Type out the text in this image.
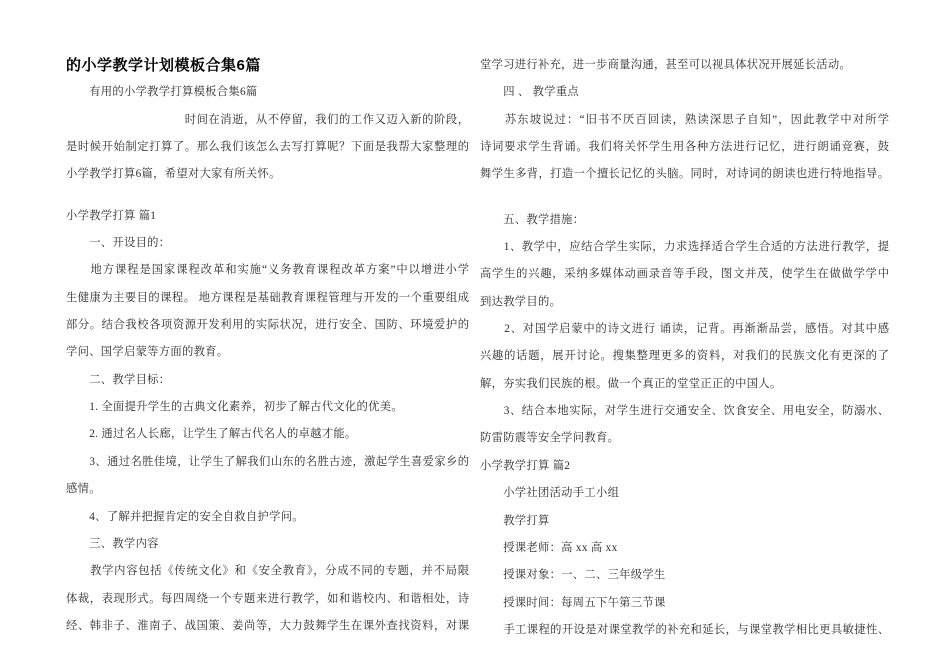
的小学教学计划模板合集6篇
　　有用的小学教学打算模板合集6篇
　　　　　　　　　　时间在消逝，从不停留，我们的工作又迈入新的阶段，
是时候开始制定打算了。那么我们该怎么去写打算呢？下面是我帮大家整理的
小学教学打算6篇，希望对大家有所关怀。
小学教学打算 篇1
　　一、开设目的：
　　地方课程是国家课程改革和实施“义务教育课程改革方案”中以增进小学
生健康为主要目的课程。 地方课程是基础教育课程管理与开发的一个重要组成
部分。结合我校各项资源开发利用的实际状况，进行安全、国防、环境爱护的
学问、国学启蒙等方面的教育。
　　二、教学目标：
　　1. 全面提升学生的古典文化素养，初步了解古代文化的优美。
　　2. 通过名人长廊，让学生了解古代名人的卓越才能。
　　3、通过名胜佳境，让学生了解我们山东的名胜古迹，激起学生喜爱家乡的
感情。
　　4、了解并把握肯定的安全自救自护学问。
　　三、教学内容
　　教学内容包括《传统文化》和《安全教育》，分成不同的专题，并不局限
体裁，表现形式。每四周绕一个专题来进行教学，如和谐校内、和谐相处，诗
经、韩非子、淮南子、战国策、姜尚等，大力鼓舞学生在课外查找资料，对课
堂学习进行补充，进一步商量沟通，甚至可以视具体状况开展延长活动。
　　四 、 教学重点
　　苏东坡说过：“旧书不厌百回读，熟读深思子自知”，因此教学中对所学
诗词要求学生背诵。我们将关怀学生用各种方法进行记忆，进行朗诵竞赛，鼓
舞学生多背，打造一个擅长记忆的头脑。同时，对诗词的朗读也进行特地指导。
　　五、教学措施：
　　1、教学中，应结合学生实际，力求选择适合学生合适的方法进行教学，提
高学生的兴趣，采纳多媒体动画录音等手段，图文并茂，使学生在做做学学中
到达教学目的。
　　2、对国学启蒙中的诗文进行 诵读，记背。再渐渐品尝，感悟。对其中感
兴趣的话题，展开讨论。搜集整理更多的资料，对我们的民族文化有更深的了
解，夯实我们民族的根。做一个真正的堂堂正正的中国人。
　　3、结合本地实际，对学生进行交通安全、饮食安全、用电安全，防溺水、
防雷防震等安全学问教育。
小学教学打算 篇2
　　小学社团活动手工小组
　　教学打算
　　授课老师：高 xx 高 xx
　　授课对象：一、二、三年级学生
　　授课时间：每周五下午第三节课
　　手工课程的开设是对课堂教学的补充和延长，与课堂教学相比更具敏捷性、
